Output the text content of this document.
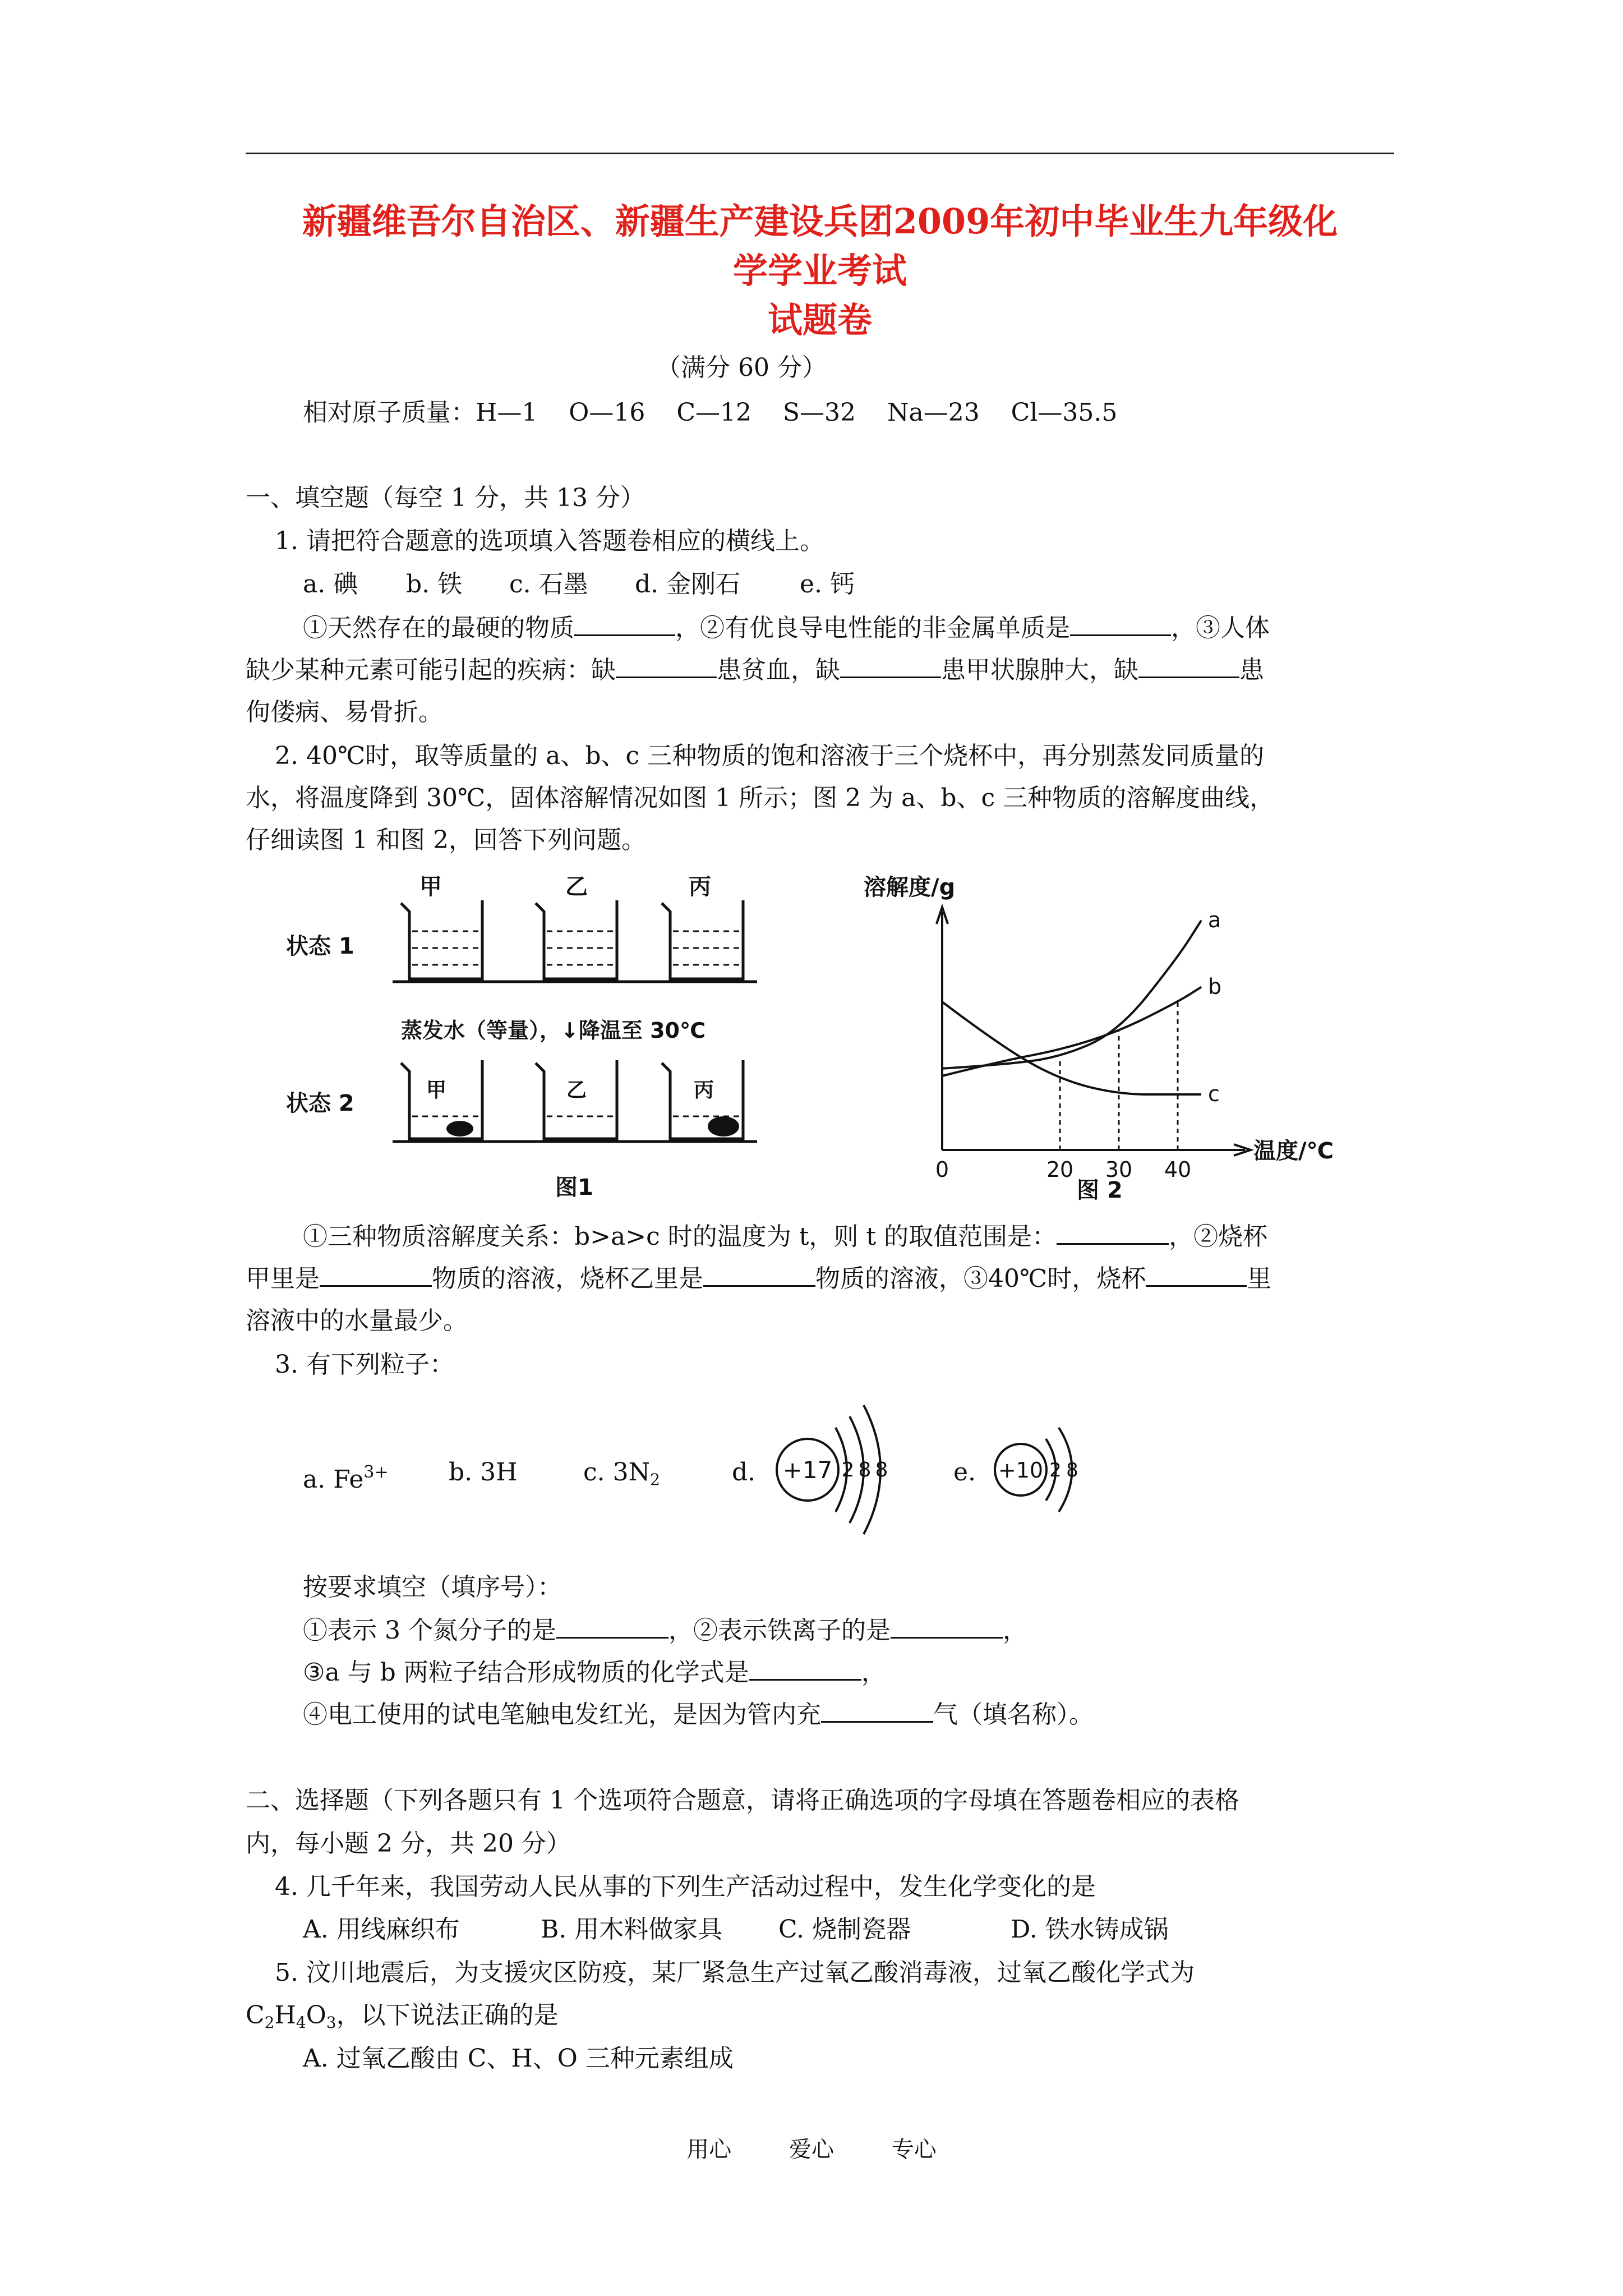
新疆维吾尔自治区、新疆生产建设兵团2009年初中毕业生九年级化
学学业考试
试题卷
（满分 60 分）
相对原子质量：H—1    O—16    C—12    S—32    Na—23    Cl—35.5
一、填空题（每空 1 分，共 13 分）
1. 请把符合题意的选项填入答题卷相应的横线上。
a. 碘 b. 铁 c. 石墨 d. 金刚石 e. 钙
①天然存在的最硬的物质	，②有优良导电性能的非金属单质是	，③人体
缺少某种元素可能引起的疾病：缺	患贫血，缺	患甲状腺肿大，缺	患
佝偻病、易骨折。
2. 40℃时，取等质量的 a、b、c 三种物质的饱和溶液于三个烧杯中，再分别蒸发同质量的
水，将温度降到 30℃，固体溶解情况如图 1 所示；图 2 为 a、b、c 三种物质的溶解度曲线，
仔细读图 1 和图 2，回答下列问题。
甲	乙	丙
状态 1
状态 2
蒸发水（等量），↓降温至 30℃
图1
甲	乙	丙
溶解度/g
温度/℃
图 2
0	20 30 40
a
b
c
①三种物质溶解度关系：b>a>c 时的温度为 t，则 t 的取值范围是：	，②烧杯
甲里是	物质的溶液，烧杯乙里是	物质的溶液，③40℃时，烧杯	里
溶液中的水量最少。
3. 有下列粒子：
a. $Fe^{3+}$ b. 3H	c. $3N_2$	d.	e.
+17 2 8 8	+10 2 8
按要求填空（填序号）：
①表示 3 个氮分子的是	，②表示铁离子的是	，
③a 与 b 两粒子结合形成物质的化学式是	，
④电工使用的试电笔触电发红光，是因为管内充	气（填名称）。
二、选择题（下列各题只有 1 个选项符合题意，请将正确选项的字母填在答题卷相应的表格
内，每小题 2 分，共 20 分）
4. 几千年来，我国劳动人民从事的下列生产活动过程中，发生化学变化的是
A. 用线麻织布	B. 用木料做家具 C. 烧制瓷器	D. 铁水铸成锅
5. 汶川地震后，为支援灾区防疫，某厂紧急生产过氧乙酸消毒液，过氧乙酸化学式为
$C_2H_4O_3$，以下说法正确的是
A. 过氧乙酸由 C、H、O 三种元素组成
用心	爱心	专心
